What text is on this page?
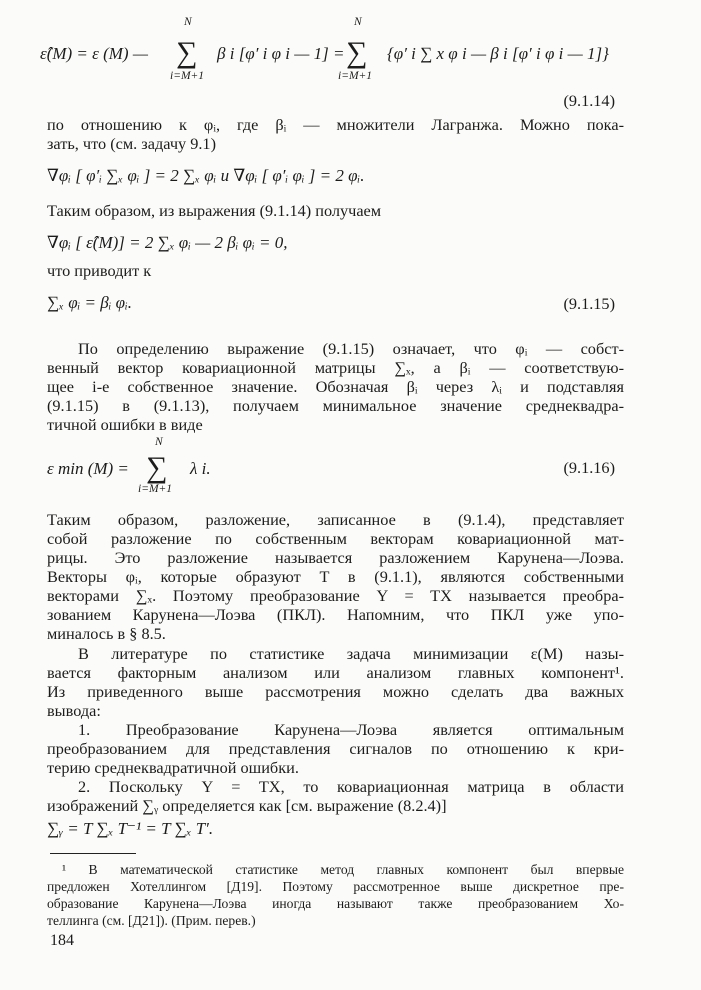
ε̂(M) = ε (M) —
N
∑
i=M+1
β i [φ′ i φ i — 1] =
N
∑
i=M+1
{φ′ i ∑ x φ i — β i [φ′ i φ i — 1]}
(9.1.14)
по отношению к φᵢ, где βᵢ — множители Лагранжа. Можно пока-
зать, что (см. задачу 9.1)
∇φᵢ [ φ′ᵢ ∑ₓ φᵢ ] = 2 ∑ₓ φᵢ и ∇φᵢ [ φ′ᵢ φᵢ ] = 2 φᵢ.
Таким образом, из выражения (9.1.14) получаем
∇φᵢ [ ε̂(M)] = 2 ∑ₓ φᵢ — 2 βᵢ φᵢ = 0,
что приводит к
∑ₓ φᵢ = βᵢ φᵢ.	(9.1.15)
По определению выражение (9.1.15) означает, что φᵢ — собст-
венный вектор ковариационной матрицы ∑ₓ, а βᵢ — соответствую-
щее i-е собственное значение. Обозначая βᵢ через λᵢ и подставляя
(9.1.15) в (9.1.13), получаем минимальное значение среднеквадра-
тичной ошибки в виде
ε min (M) =
N
∑
i=M+1
λ i.	(9.1.16)
Таким образом, разложение, записанное в (9.1.4), представляет
собой разложение по собственным векторам ковариационной мат-
рицы. Это разложение называется разложением Карунена—Лоэва.
Векторы φᵢ, которые образуют T в (9.1.1), являются собственными
векторами ∑ₓ. Поэтому преобразование Y = TX называется преобра-
зованием Карунена—Лоэва (ПКЛ). Напомним, что ПКЛ уже упо-
миналось в § 8.5.
В литературе по статистике задача минимизации ε(M) назы-
вается факторным анализом или анализом главных компонент¹.
Из приведенного выше рассмотрения можно сделать два важных
вывода:
1. Преобразование Карунена—Лоэва является оптимальным
преобразованием для представления сигналов по отношению к кри-
терию среднеквадратичной ошибки.
2. Поскольку Y = TX, то ковариационная матрица в области
изображений ∑ᵧ определяется как [см. выражение (8.2.4)]
∑ᵧ = T ∑ₓ T⁻¹ = T ∑ₓ T′.
¹ В математической статистике метод главных компонент был впервые
предложен Хотеллингом [Д19]. Поэтому рассмотренное выше дискретное пре-
образование Карунена—Лоэва иногда называют также преобразованием Хо-
теллинга (см. [Д21]). (Прим. перев.)
184
